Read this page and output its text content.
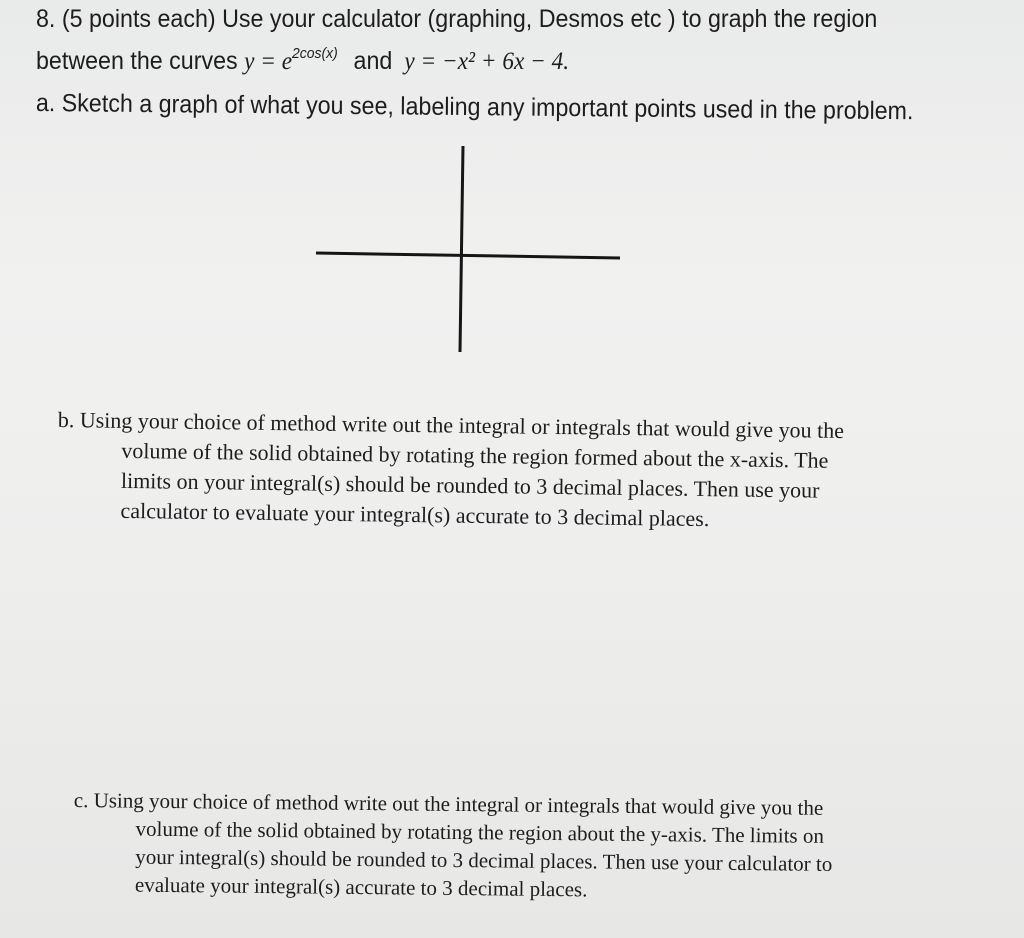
8. (5 points each) Use your calculator (graphing, Desmos etc ) to graph the region
between the curves $y = e^{2cos(x)}$ and y = −x² + 6x − 4.
a. Sketch a graph of what you see, labeling any important points used in the problem.
b. Using your choice of method write out the integral or integrals that would give you the
volume of the solid obtained by rotating the region formed about the x-axis. The
limits on your integral(s) should be rounded to 3 decimal places. Then use your
calculator to evaluate your integral(s) accurate to 3 decimal places.
c. Using your choice of method write out the integral or integrals that would give you the
volume of the solid obtained by rotating the region about the y-axis. The limits on
your integral(s) should be rounded to 3 decimal places. Then use your calculator to
evaluate your integral(s) accurate to 3 decimal places.
